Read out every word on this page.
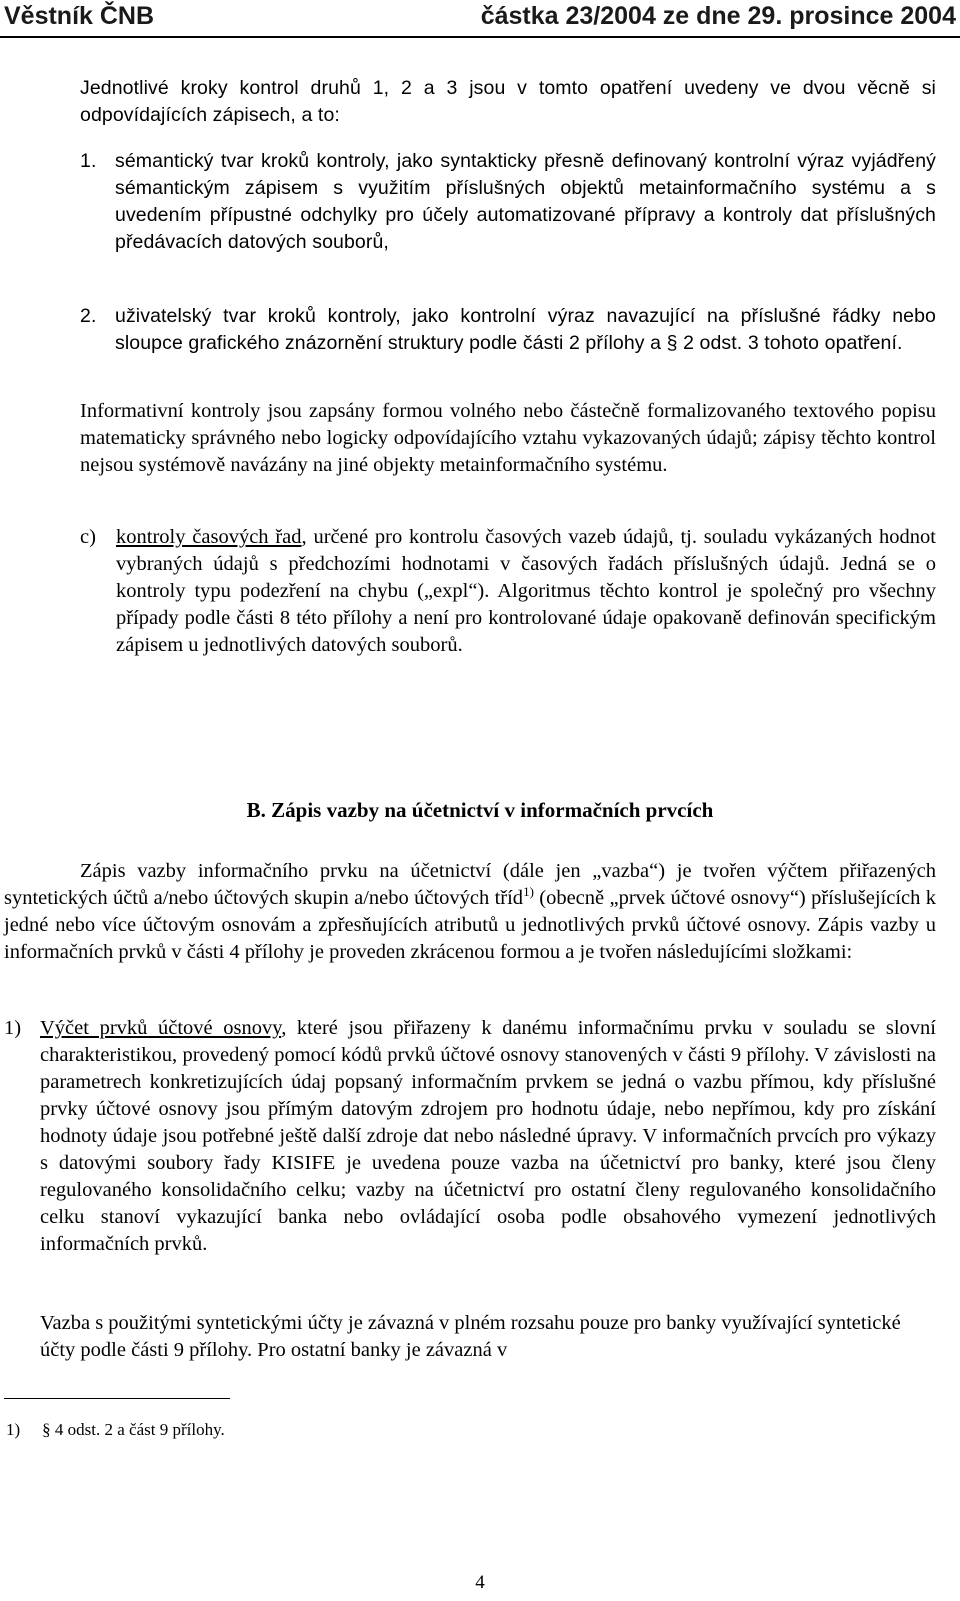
Věstník ČNB	částka 23/2004 ze dne 29. prosince 2004

Jednotlivé kroky kontrol druhů 1, 2 a 3 jsou v tomto opatření uvedeny ve dvou věcně si odpovídajících zápisech, a to:

1. sémantický tvar kroků kontroly, jako syntakticky přesně definovaný kontrolní výraz vyjádřený sémantickým zápisem s využitím příslušných objektů metainformačního systému a s uvedením přípustné odchylky pro účely automatizované přípravy a kontroly dat příslušných předávacích datových souborů,

2. uživatelský tvar kroků kontroly, jako kontrolní výraz navazující na příslušné řádky nebo sloupce grafického znázornění struktury podle části 2 přílohy a § 2 odst. 3 tohoto opatření.

Informativní kontroly jsou zapsány formou volného nebo částečně formalizovaného textového popisu matematicky správného nebo logicky odpovídajícího vztahu vykazovaných údajů; zápisy těchto kontrol nejsou systémově navázány na jiné objekty metainformačního systému.

c) kontroly časových řad, určené pro kontrolu časových vazeb údajů, tj. souladu vykázaných hodnot vybraných údajů s předchozími hodnotami v časových řadách příslušných údajů. Jedná se o kontroly typu podezření na chybu („expl“). Algoritmus těchto kontrol je společný pro všechny případy podle části 8 této přílohy a není pro kontrolované údaje opakovaně definován specifickým zápisem u jednotlivých datových souborů.

B. Zápis vazby na účetnictví v informačních prvcích

Zápis vazby informačního prvku na účetnictví (dále jen „vazba“) je tvořen výčtem přiřazených syntetických účtů a/nebo účtových skupin a/nebo účtových tříd$^{1)}$ (obecně „prvek účtové osnovy“) příslušejících k jedné nebo více účtovým osnovám a zpřesňujících atributů u jednotlivých prvků účtové osnovy. Zápis vazby u informačních prvků v části 4 přílohy je proveden zkrácenou formou a je tvořen následujícími složkami:

1) Výčet prvků účtové osnovy, které jsou přiřazeny k danému informačnímu prvku v souladu se slovní charakteristikou, provedený pomocí kódů prvků účtové osnovy stanovených v části 9 přílohy. V závislosti na parametrech konkretizujících údaj popsaný informačním prvkem se jedná o vazbu přímou, kdy příslušné prvky účtové osnovy jsou přímým datovým zdrojem pro hodnotu údaje, nebo nepřímou, kdy pro získání hodnoty údaje jsou potřebné ještě další zdroje dat nebo následné úpravy. V informačních prvcích pro výkazy s datovými soubory řady KISIFE je uvedena pouze vazba na účetnictví pro banky, které jsou členy regulovaného konsolidačního celku; vazby na účetnictví pro ostatní členy regulovaného konsolidačního celku stanoví vykazující banka nebo ovládající osoba podle obsahového vymezení jednotlivých informačních prvků.

Vazba s použitými syntetickými účty je závazná v plném rozsahu pouze pro banky využívající syntetické účty podle části 9 přílohy. Pro ostatní banky je závazná v

1) § 4 odst. 2 a část 9 přílohy.
4
